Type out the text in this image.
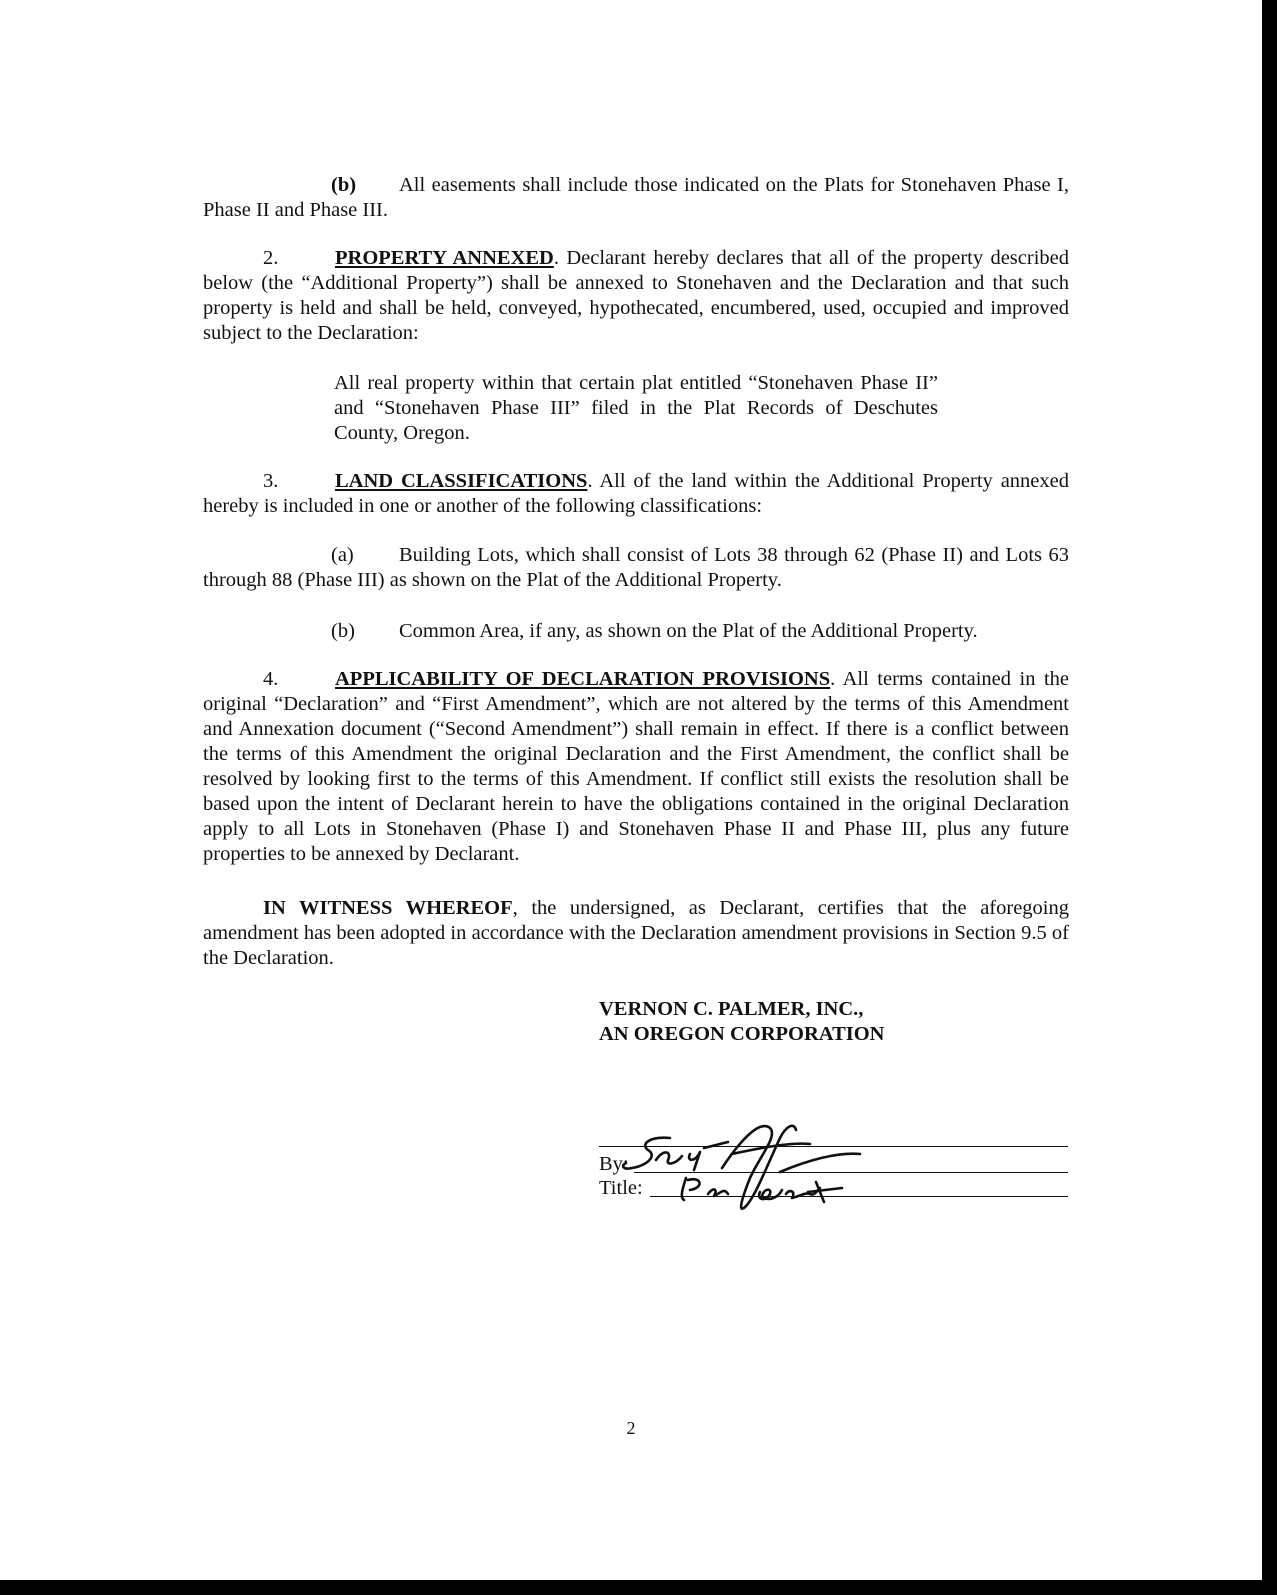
(b) All easements shall include those indicated on the Plats for Stonehaven Phase I, Phase II and Phase III.

2.	PROPERTY ANNEXED. Declarant hereby declares that all of the property described below (the “Additional Property”) shall be annexed to Stonehaven and the Declaration and that such property is held and shall be held, conveyed, hypothecated, encumbered, used, occupied and improved subject to the Declaration:

All real property within that certain plat entitled “Stonehaven Phase II” and “Stonehaven Phase III” filed in the Plat Records of Deschutes County, Oregon.

3.	LAND CLASSIFICATIONS. All of the land within the Additional Property annexed hereby is included in one or another of the following classifications:

(a) Building Lots, which shall consist of Lots 38 through 62 (Phase II) and Lots 63 through 88 (Phase III) as shown on the Plat of the Additional Property.

(b) Common Area, if any, as shown on the Plat of the Additional Property.

4.	APPLICABILITY OF DECLARATION PROVISIONS. All terms contained in the original “Declaration” and “First Amendment”, which are not altered by the terms of this Amendment and Annexation document (“Second Amendment”) shall remain in effect. If there is a conflict between the terms of this Amendment the original Declaration and the First Amendment, the conflict shall be resolved by looking first to the terms of this Amendment. If conflict still exists the resolution shall be based upon the intent of Declarant herein to have the obligations contained in the original Declaration apply to all Lots in Stonehaven (Phase I) and Stonehaven Phase II and Phase III, plus any future properties to be annexed by Declarant.

IN WITNESS WHEREOF, the undersigned, as Declarant, certifies that the aforegoing amendment has been adopted in accordance with the Declaration amendment provisions in Section 9.5 of the Declaration.

VERNON C. PALMER, INC.,
AN OREGON CORPORATION
By:
Title:
2
